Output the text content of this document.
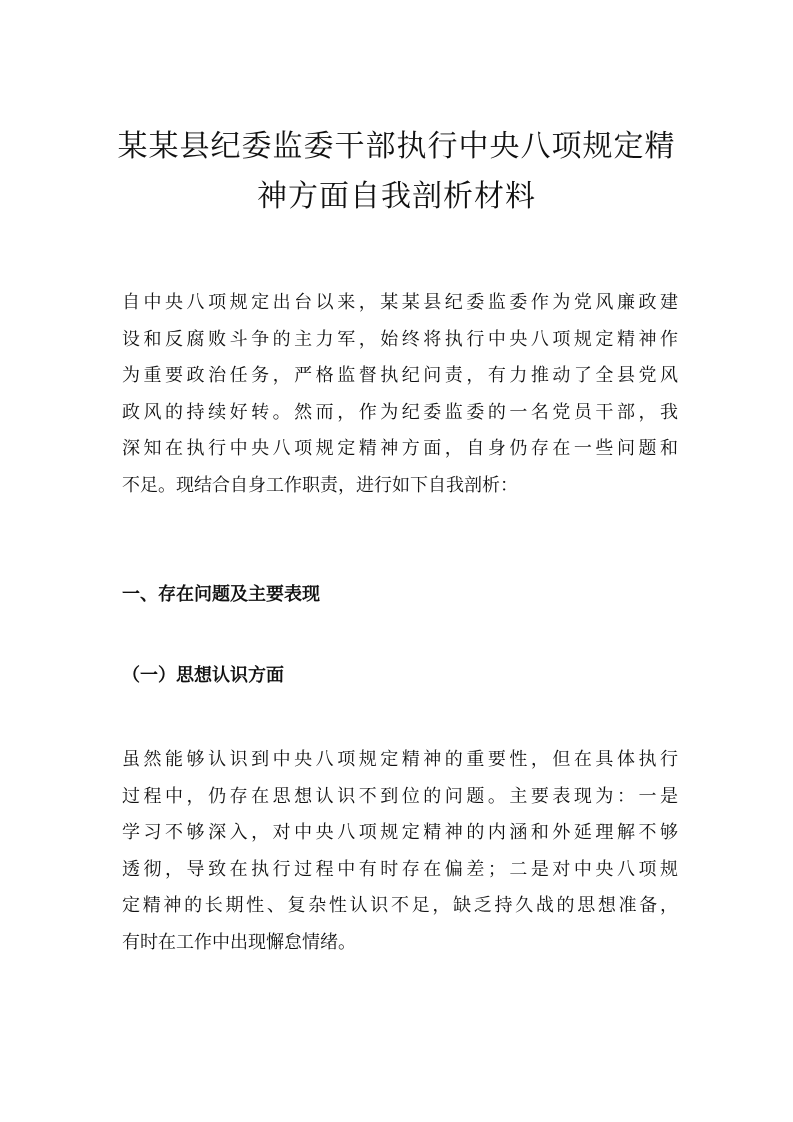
某某县纪委监委干部执行中央八项规定精
神方面自我剖析材料

自中央八项规定出台以来，某某县纪委监委作为党风廉政建
设和反腐败斗争的主力军，始终将执行中央八项规定精神作
为重要政治任务，严格监督执纪问责，有力推动了全县党风
政风的持续好转。然而，作为纪委监委的一名党员干部，我
深知在执行中央八项规定精神方面，自身仍存在一些问题和
不足。现结合自身工作职责，进行如下自我剖析：

一、存在问题及主要表现
（一）思想认识方面

虽然能够认识到中央八项规定精神的重要性，但在具体执行
过程中，仍存在思想认识不到位的问题。主要表现为：一是
学习不够深入，对中央八项规定精神的内涵和外延理解不够
透彻，导致在执行过程中有时存在偏差；二是对中央八项规
定精神的长期性、复杂性认识不足，缺乏持久战的思想准备，
有时在工作中出现懈怠情绪。
